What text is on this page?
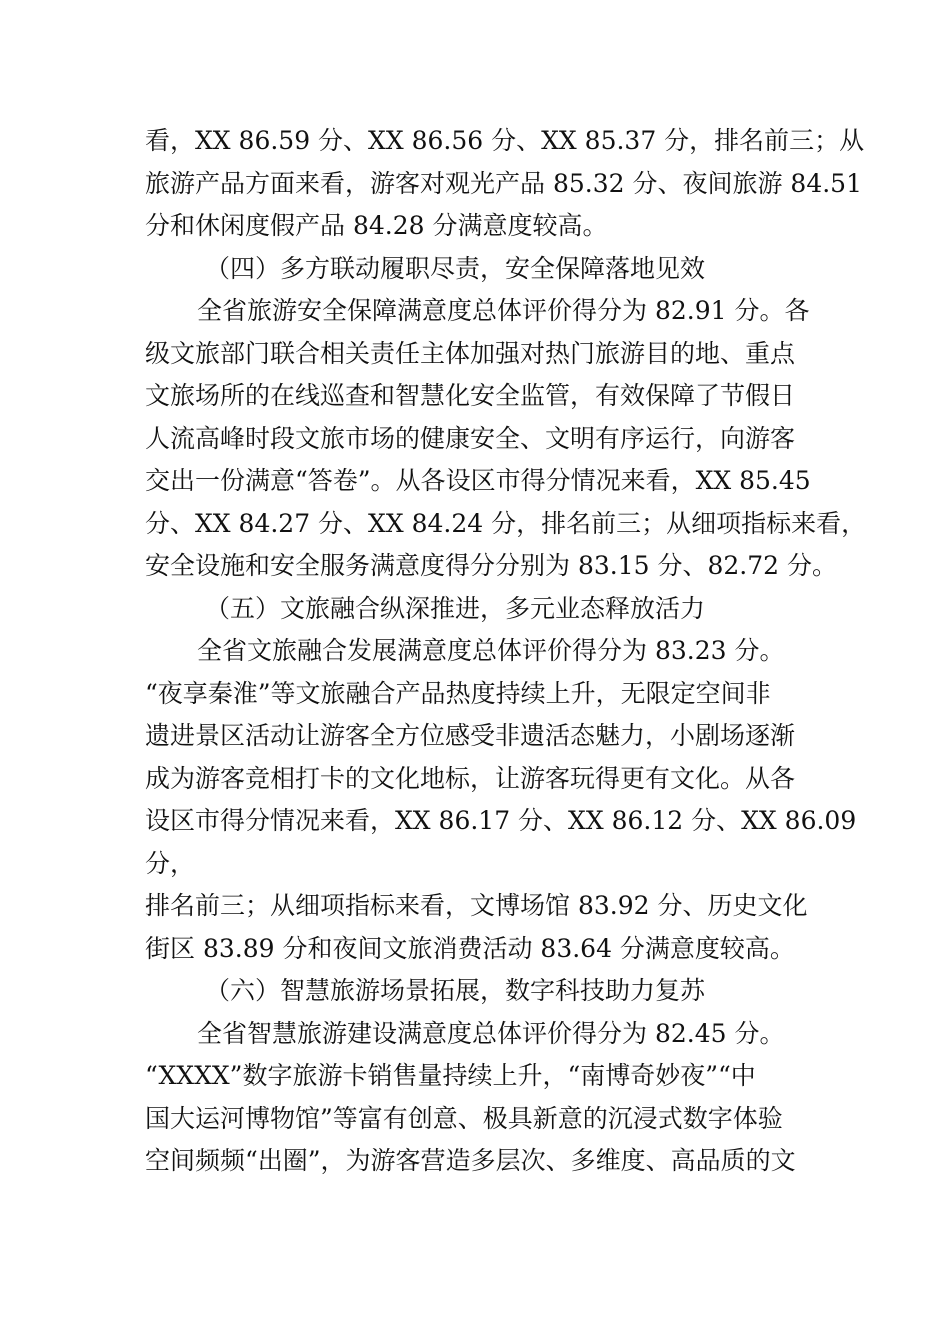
看，XX 86.59 分、XX 86.56 分、XX 85.37 分，排名前三；从
旅游产品方面来看，游客对观光产品 85.32 分、夜间旅游 84.51
分和休闲度假产品 84.28 分满意度较高。
（四）多方联动履职尽责，安全保障落地见效
全省旅游安全保障满意度总体评价得分为 82.91 分。各
级文旅部门联合相关责任主体加强对热门旅游目的地、重点
文旅场所的在线巡查和智慧化安全监管，有效保障了节假日
人流高峰时段文旅市场的健康安全、文明有序运行，向游客
交出一份满意“答卷”。从各设区市得分情况来看，XX 85.45
分、XX 84.27 分、XX 84.24 分，排名前三；从细项指标来看，
安全设施和安全服务满意度得分分别为 83.15 分、82.72 分。
（五）文旅融合纵深推进，多元业态释放活力
全省文旅融合发展满意度总体评价得分为 83.23 分。
“夜享秦淮”等文旅融合产品热度持续上升，无限定空间非
遗进景区活动让游客全方位感受非遗活态魅力，小剧场逐渐
成为游客竞相打卡的文化地标，让游客玩得更有文化。从各
设区市得分情况来看，XX 86.17 分、XX 86.12 分、XX 86.09
分，
排名前三；从细项指标来看，文博场馆 83.92 分、历史文化
街区 83.89 分和夜间文旅消费活动 83.64 分满意度较高。
（六）智慧旅游场景拓展，数字科技助力复苏
全省智慧旅游建设满意度总体评价得分为 82.45 分。
“XXXX”数字旅游卡销售量持续上升，“南博奇妙夜”“中
国大运河博物馆”等富有创意、极具新意的沉浸式数字体验
空间频频“出圈”，为游客营造多层次、多维度、高品质的文
